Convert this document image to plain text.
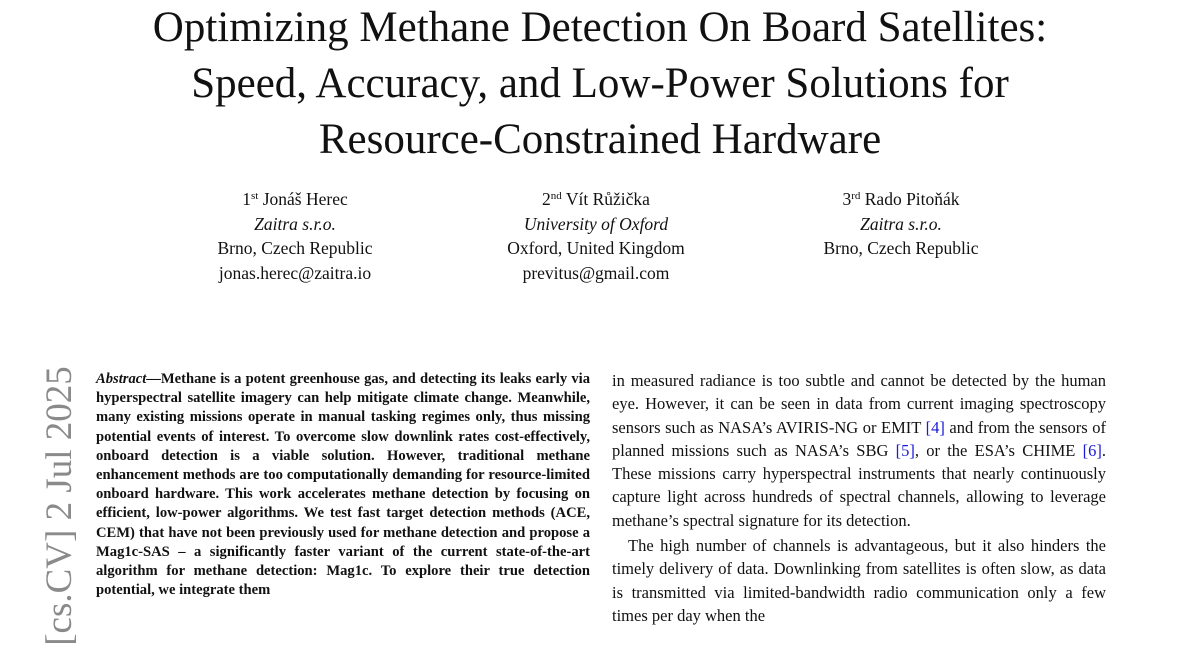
Optimizing Methane Detection On Board Satellites:
Speed, Accuracy, and Low-Power Solutions for
Resource-Constrained Hardware
1st Jonáš Herec
Zaitra s.r.o.
Brno, Czech Republic
jonas.herec@zaitra.io
2nd Vít Růžička
University of Oxford
Oxford, United Kingdom
previtus@gmail.com
3rd Rado Pitoňák
Zaitra s.r.o.
Brno, Czech Republic
[cs.CV] 2 Jul 2025 Abstract—Methane is a potent greenhouse gas, and detecting its leaks early via hyperspectral satellite imagery can help mitigate climate change. Meanwhile, many existing missions operate in manual tasking regimes only, thus missing potential events of interest. To overcome slow downlink rates cost-effectively, onboard detection is a viable solution. However, traditional methane enhancement methods are too computationally demanding for resource-limited onboard hardware. This work accelerates methane detection by focusing on efficient, low-power algorithms. We test fast target detection methods (ACE, CEM) that have not been previously used for methane detection and propose a Mag1c-SAS – a significantly faster variant of the current state-of-the-art algorithm for methane detection: Mag1c. To explore their true detection potential, we integrate them

in measured radiance is too subtle and cannot be detected by the human eye. However, it can be seen in data from current imaging spectroscopy sensors such as NASA’s AVIRIS-NG or EMIT [4] and from the sensors of planned missions such as NASA’s SBG [5], or the ESA’s CHIME [6]. These missions carry hyperspectral instruments that nearly continuously capture light across hundreds of spectral channels, allowing to leverage methane’s spectral signature for its detection.

The high number of channels is advantageous, but it also hinders the timely delivery of data. Downlinking from satellites is often slow, as data is transmitted via limited-bandwidth radio communication only a few times per day when the
